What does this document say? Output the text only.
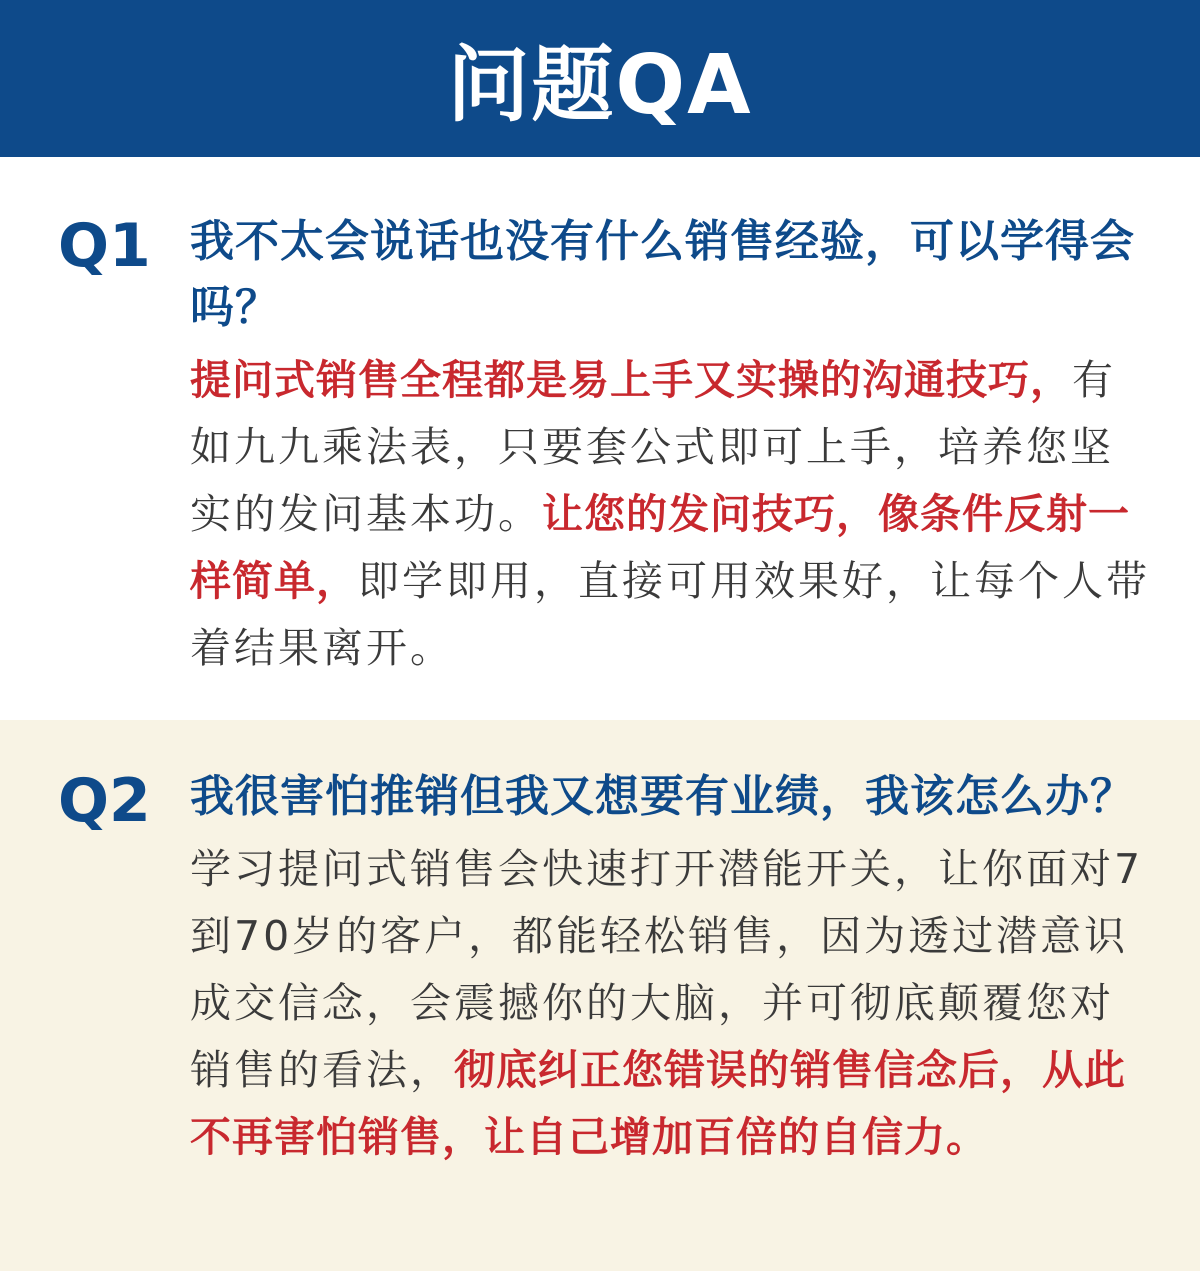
问题QA
Q1 我不太会说话也没有什么销售经验，可以学得会吗？
提问式销售全程都是易上手又实操的沟通技巧，有如九九乘法表，只要套公式即可上手，培养您坚实的发问基本功。让您的发问技巧，像条件反射一样简单，即学即用，直接可用效果好，让每个人带着结果离开。
Q2 我很害怕推销但我又想要有业绩，我该怎么办？
学习提问式销售会快速打开潜能开关，让你面对7到70岁的客户，都能轻松销售，因为透过潜意识成交信念，会震撼你的大脑，并可彻底颠覆您对销售的看法，彻底纠正您错误的销售信念后，从此不再害怕销售，让自己增加百倍的自信力。
